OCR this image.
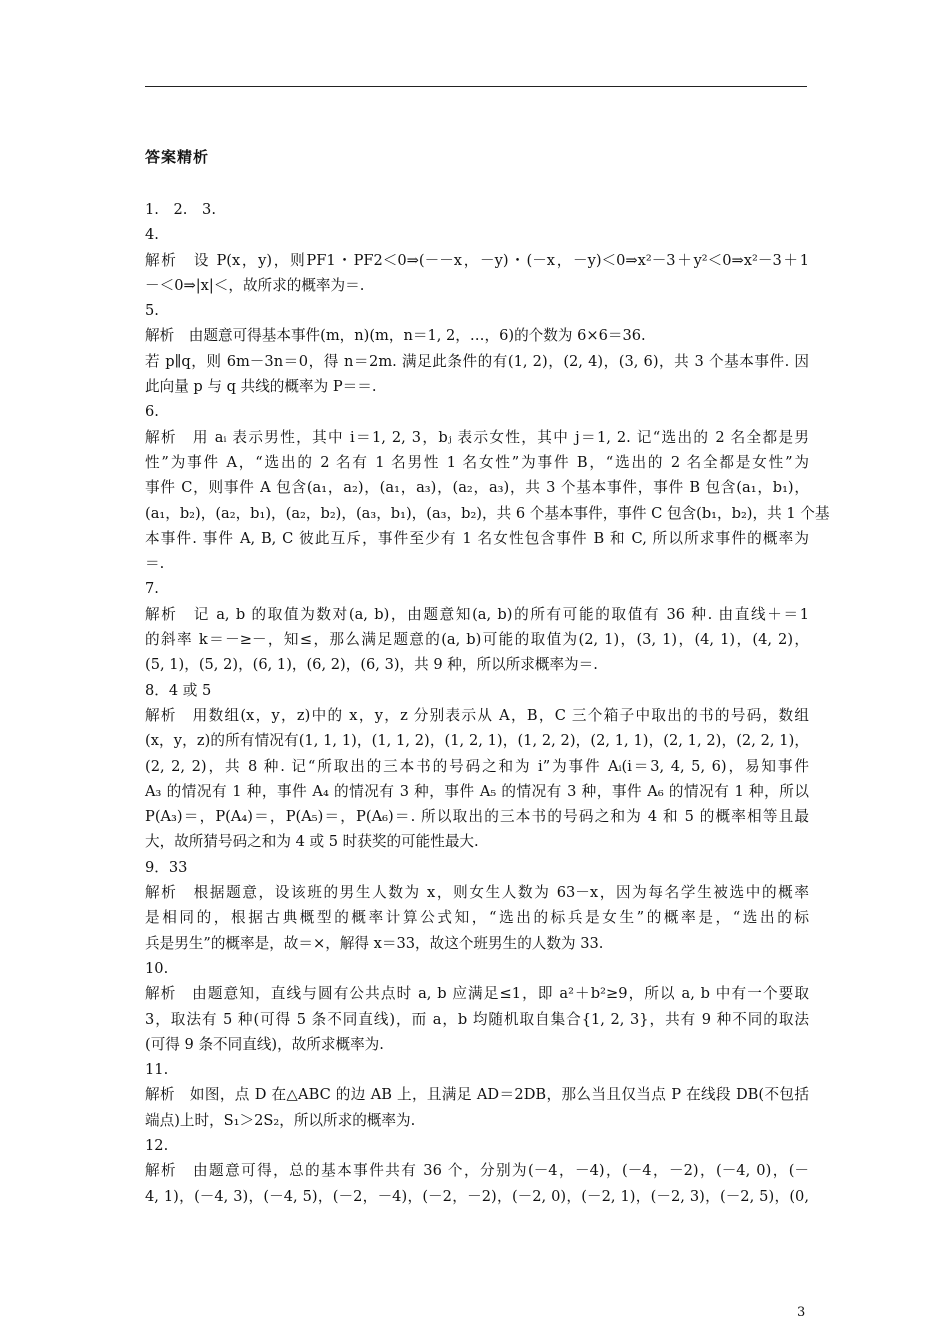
答案精析
1.　2.　3.
4.
解析　设 P(x，y)，则PF1・PF2＜0⇒(－－x，－y)・(－x，－y)＜0⇒x²－3＋y²＜0⇒x²－3＋1
－＜0⇒|x|＜，故所求的概率为＝.
5.
解析　由题意可得基本事件(m，n)(m，n＝1, 2，…，6)的个数为 6×6＝36.
若 p∥q，则 6m－3n＝0，得 n＝2m. 满足此条件的有(1, 2)，(2, 4)，(3, 6)，共 3 个基本事件. 因
此向量 p 与 q 共线的概率为 P＝＝.
6.
解析　用 aᵢ 表示男性，其中 i＝1, 2, 3，bⱼ 表示女性，其中 j＝1, 2. 记“选出的 2 名全都是男
性”为事件 A，“选出的 2 名有 1 名男性 1 名女性”为事件 B，“选出的 2 名全都是女性”为
事件 C，则事件 A 包含(a₁，a₂)，(a₁，a₃)，(a₂，a₃)，共 3 个基本事件，事件 B 包含(a₁，b₁)，
(a₁，b₂)，(a₂，b₁)，(a₂，b₂)，(a₃，b₁)，(a₃，b₂)，共 6 个基本事件，事件 C 包含(b₁，b₂)，共 1 个基
本事件. 事件 A, B, C 彼此互斥，事件至少有 1 名女性包含事件 B 和 C, 所以所求事件的概率为
＝.
7.
解析　记 a, b 的取值为数对(a, b)，由题意知(a, b)的所有可能的取值有 36 种. 由直线＋＝1
的斜率 k＝－≥－，知≤，那么满足题意的(a, b)可能的取值为(2, 1)，(3, 1)，(4, 1)，(4, 2)，
(5, 1)，(5, 2)，(6, 1)，(6, 2)，(6, 3)，共 9 种，所以所求概率为＝.
8．4 或 5
解析　用数组(x，y，z)中的 x，y，z 分别表示从 A，B，C 三个箱子中取出的书的号码，数组
(x，y，z)的所有情况有(1, 1, 1)，(1, 1, 2)，(1, 2, 1)，(1, 2, 2)，(2, 1, 1)，(2, 1, 2)，(2, 2, 1)，
(2, 2, 2)，共 8 种. 记“所取出的三本书的号码之和为 i”为事件 Aᵢ(i＝3, 4, 5, 6)，易知事件
A₃ 的情况有 1 种，事件 A₄ 的情况有 3 种，事件 A₅ 的情况有 3 种，事件 A₆ 的情况有 1 种，所以
P(A₃)＝，P(A₄)＝，P(A₅)＝，P(A₆)＝. 所以取出的三本书的号码之和为 4 和 5 的概率相等且最
大，故所猜号码之和为 4 或 5 时获奖的可能性最大.
9．33
解析　根据题意，设该班的男生人数为 x，则女生人数为 63－x，因为每名学生被选中的概率
是相同的，根据古典概型的概率计算公式知，“选出的标兵是女生”的概率是，“选出的标
兵是男生”的概率是，故＝×，解得 x＝33，故这个班男生的人数为 33.
10.
解析　由题意知，直线与圆有公共点时 a, b 应满足≤1，即 a²＋b²≥9，所以 a, b 中有一个要取
3，取法有 5 种(可得 5 条不同直线)，而 a，b 均随机取自集合{1, 2, 3}，共有 9 种不同的取法
(可得 9 条不同直线)，故所求概率为.
11.
解析　如图，点 D 在△ABC 的边 AB 上，且满足 AD＝2DB，那么当且仅当点 P 在线段 DB(不包括
端点)上时，S₁＞2S₂，所以所求的概率为.
12.
解析　由题意可得，总的基本事件共有 36 个，分别为(－4，－4)，(－4，－2)，(－4, 0)，(－
4, 1)，(－4, 3)，(－4, 5)，(－2，－4)，(－2，－2)，(－2, 0)，(－2, 1)，(－2, 3)，(－2, 5)，(0,
3
